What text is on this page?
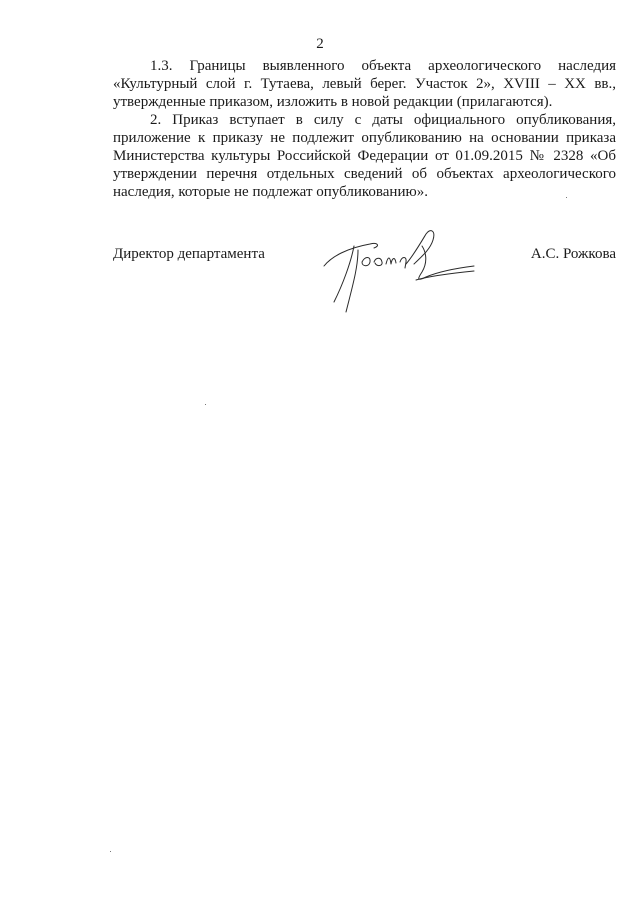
2

1.3. Границы выявленного объекта археологического наследия «Культурный слой г. Тутаева, левый берег. Участок 2», XVIII – XX вв., утвержденные приказом, изложить в новой редакции (прилагаются).

2. Приказ вступает в силу с даты официального опубликования, приложение к приказу не подлежит опубликованию на основании приказа Министерства культуры Российской Федерации от 01.09.2015 № 2328 «Об утверждении перечня отдельных сведений об объектах археологического наследия, которые не подлежат опубликованию».

Директор департамента	А.С. Рожкова
